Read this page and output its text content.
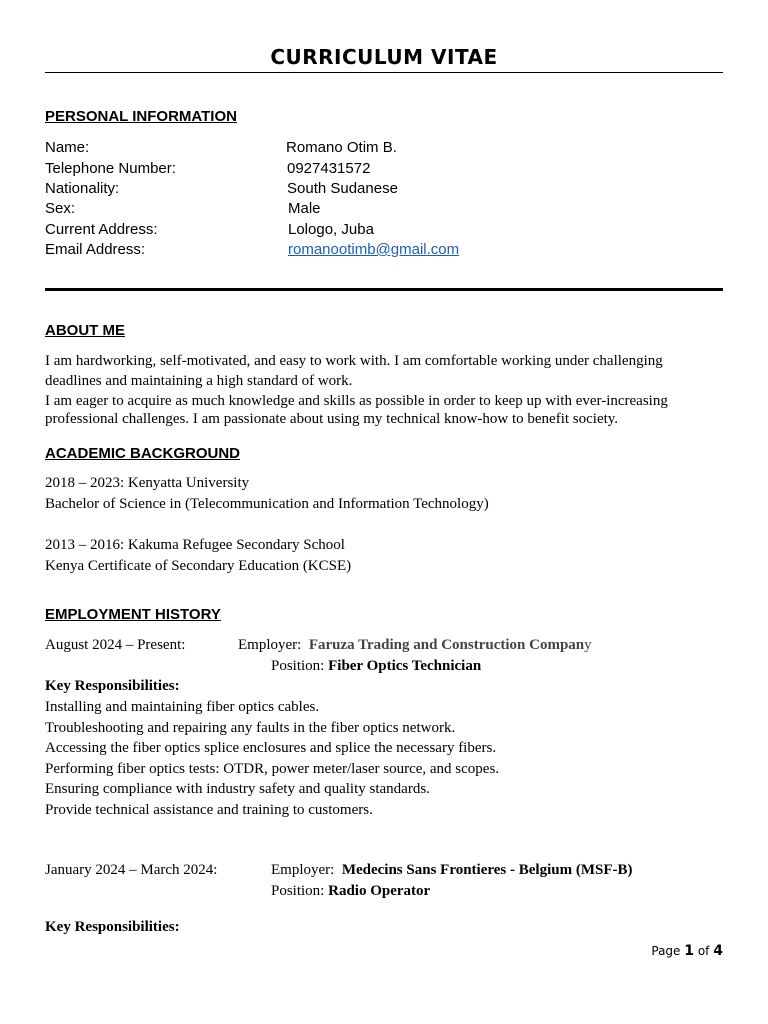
CURRICULUM VITAE
PERSONAL INFORMATION
Name:	Romano Otim B.
Telephone Number:	0927431572
Nationality:	South Sudanese
Sex:	Male
Current Address:	Lologo, Juba
Email Address:	romanootimb@gmail.com
ABOUT ME
I am hardworking, self-motivated, and easy to work with. I am comfortable working under challenging
deadlines and maintaining a high standard of work.
I am eager to acquire as much knowledge and skills as possible in order to keep up with ever-increasing
professional challenges. I am passionate about using my technical know-how to benefit society.
ACADEMIC BACKGROUND
2018 – 2023: Kenyatta University
Bachelor of Science in (Telecommunication and Information Technology)
2013 – 2016: Kakuma Refugee Secondary School
Kenya Certificate of Secondary Education (KCSE)
EMPLOYMENT HISTORY
August 2024 – Present:	Employer: Faruza Trading and Construction Company
Position: Fiber Optics Technician
Key Responsibilities:
Installing and maintaining fiber optics cables.
Troubleshooting and repairing any faults in the fiber optics network.
Accessing the fiber optics splice enclosures and splice the necessary fibers.
Performing fiber optics tests: OTDR, power meter/laser source, and scopes.
Ensuring compliance with industry safety and quality standards.
Provide technical assistance and training to customers.
January 2024 – March 2024:	Employer: Medecins Sans Frontieres - Belgium (MSF-B)
Position: Radio Operator
Key Responsibilities:
Page 1 of 4
